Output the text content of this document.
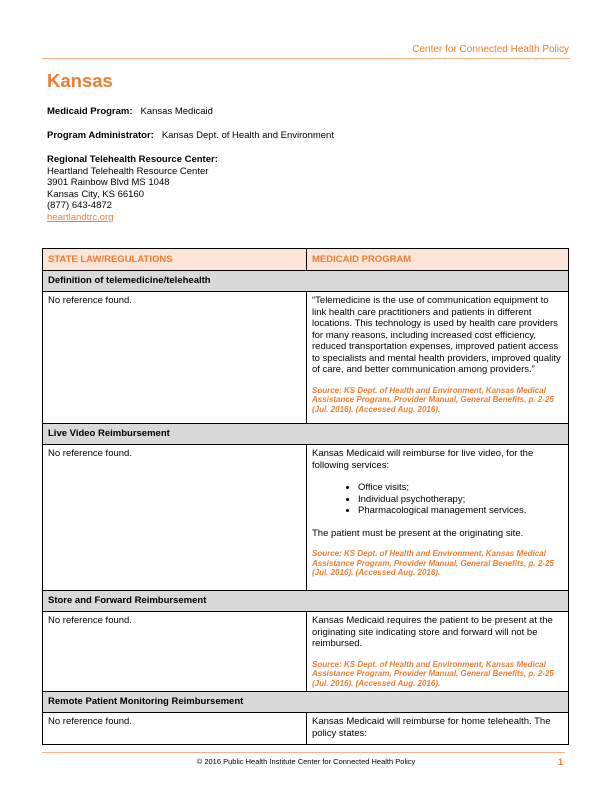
Center for Connected Health Policy
Kansas

Medicaid Program: Kansas Medicaid

Program Administrator: Kansas Dept. of Health and Environment

Regional Telehealth Resource Center:

Heartland Telehealth Resource Center

3901 Rainbow Blvd MS 1048

Kansas City, KS 66160

(877) 643-4872

heartlandtrc.org

STATE LAW/REGULATIONS	MEDICAID PROGRAM
Definition of telemedicine/telehealth	
No reference found.	“Telemedicine is the use of communication equipment to link health care practitioners and patients in different locations. This technology is used by health care providers for many reasons, including increased cost efficiency, reduced transportation expenses, improved patient access to specialists and mental health providers, improved quality of care, and better communication among providers.”

Source: KS Dept. of Health and Environment, Kansas Medical Assistance Program, Provider Manual, General Benefits, p. 2-25 (Jul. 2016). (Accessed Aug. 2016).

Live Video Reimbursement	
No reference found.	Kansas Medicaid will reimburse for live video, for the following services:

• Office visits;
• Individual psychotherapy;
• Pharmacological management services.

The patient must be present at the originating site.

Source: KS Dept. of Health and Environment, Kansas Medical Assistance Program, Provider Manual, General Benefits, p. 2-25 (Jul. 2016). (Accessed Aug. 2016).

Store and Forward Reimbursement	
No reference found.	Kansas Medicaid requires the patient to be present at the originating site indicating store and forward will not be reimbursed.

Source: KS Dept. of Health and Environment, Kansas Medical Assistance Program, Provider Manual, General Benefits, p. 2-25 (Jul. 2016). (Accessed Aug. 2016).

Remote Patient Monitoring Reimbursement	
No reference found.	Kansas Medicaid will reimburse for home telehealth. The policy states:

© 2016 Public Health Institute Center for Connected Health Policy	1
